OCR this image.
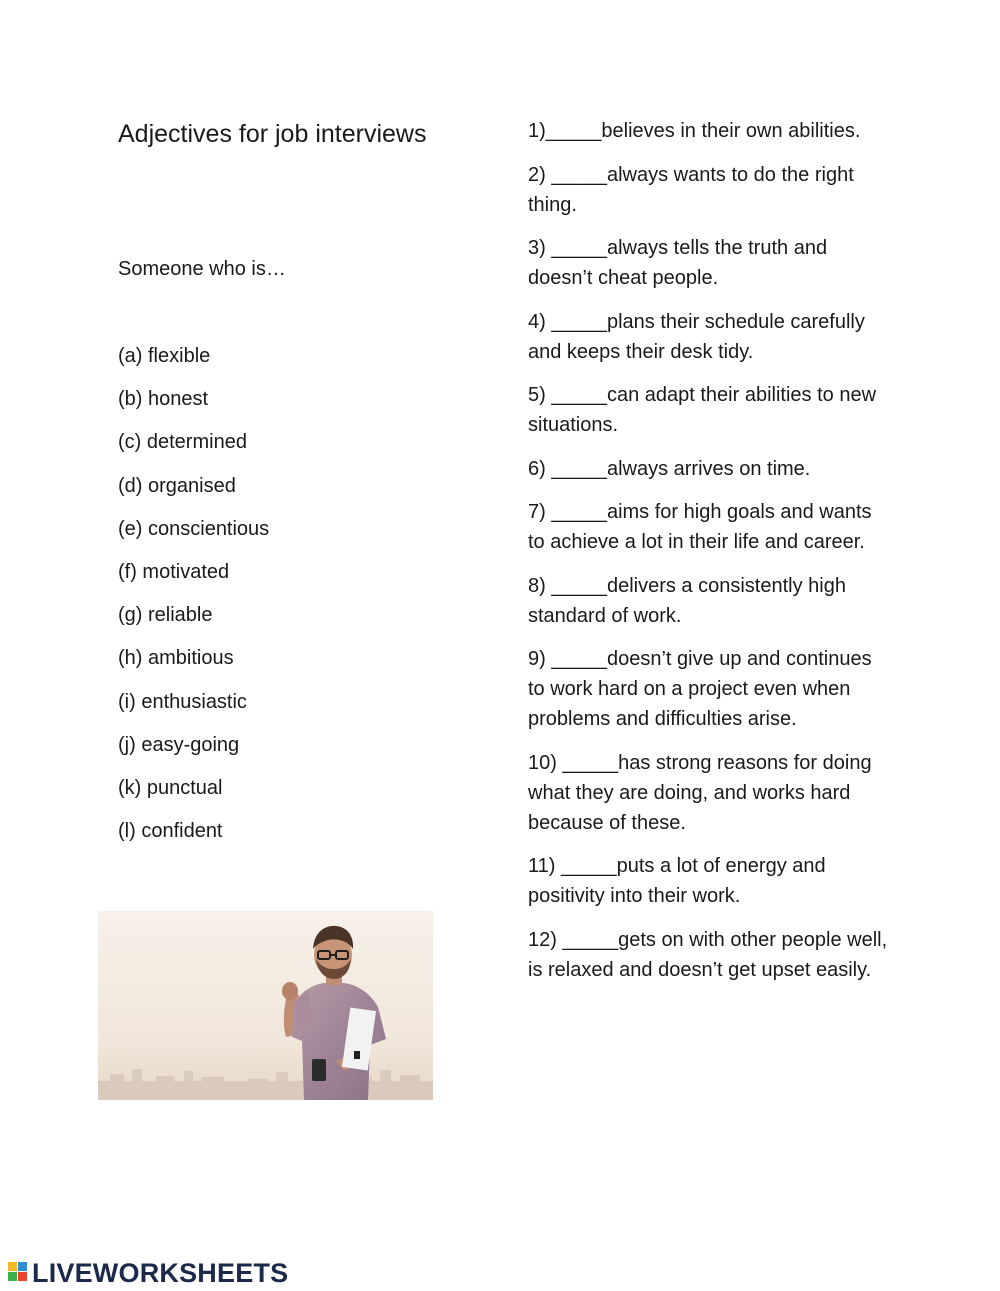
Adjectives for job interviews
Someone who is…
(a) flexible
(b) honest
(c) determined
(d) organised
(e) conscientious
(f) motivated
(g) reliable
(h) ambitious
(i) enthusiastic
(j) easy-going
(k) punctual
(l) confident
1)_____believes in their own abilities.
2) _____always wants to do the right thing.
3) _____always tells the truth and doesn’t cheat people.
4) _____plans their schedule carefully and keeps their desk tidy.
5) _____can adapt their abilities to new situations.
6) _____always arrives on time.
7) _____aims for high goals and wants to achieve a lot in their life and career.
8) _____delivers a consistently high standard of work.
9) _____doesn’t give up and continues to work hard on a project even when problems and difficulties arise.
10) _____has strong reasons for doing what they are doing, and works hard because of these.
11) _____puts a lot of energy and positivity into their work.
12) _____gets on with other people well, is relaxed and doesn’t get upset easily.
LIVEWORKSHEETS
